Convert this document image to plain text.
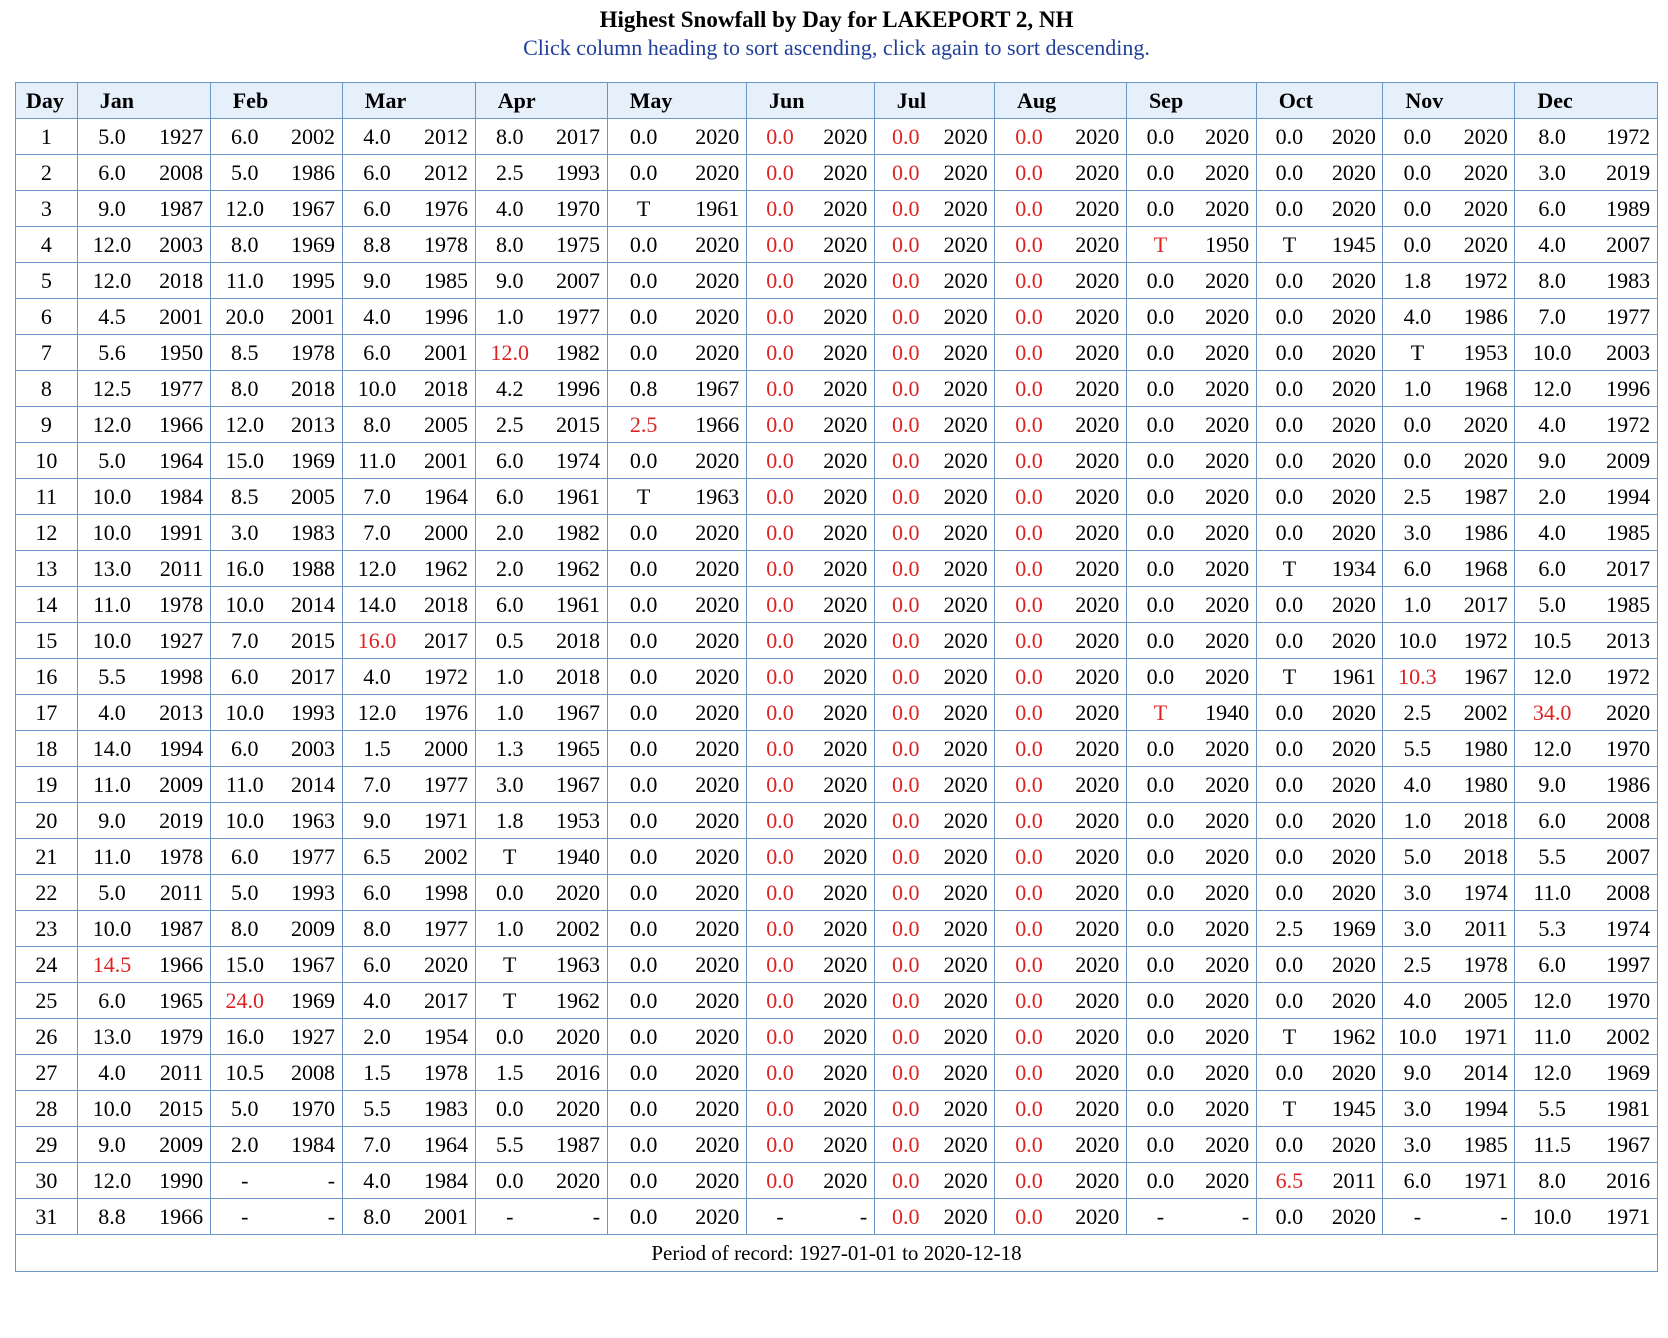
Highest Snowfall by Day for LAKEPORT 2, NH
Click column heading to sort ascending, click again to sort descending.
Day	Jan	Feb	Mar	Apr	May	Jun	Jul	Aug	Sep	Oct	Nov	Dec
1	5.0 1927	6.0 2002	4.0 2012	8.0 2017	0.0 2020	0.0 2020	0.0 2020	0.0 2020	0.0 2020	0.0 2020	0.0 2020	8.0 1972
2	6.0 2008	5.0 1986	6.0 2012	2.5 1993	0.0 2020	0.0 2020	0.0 2020	0.0 2020	0.0 2020	0.0 2020	0.0 2020	3.0 2019
3	9.0 1987	12.0 1967	6.0 1976	4.0 1970	T 1961	0.0 2020	0.0 2020	0.0 2020	0.0 2020	0.0 2020	0.0 2020	6.0 1989
4	12.0 2003	8.0 1969	8.8 1978	8.0 1975	0.0 2020	0.0 2020	0.0 2020	0.0 2020	T 1950	T 1945	0.0 2020	4.0 2007
5	12.0 2018	11.0 1995	9.0 1985	9.0 2007	0.0 2020	0.0 2020	0.0 2020	0.0 2020	0.0 2020	0.0 2020	1.8 1972	8.0 1983
6	4.5 2001	20.0 2001	4.0 1996	1.0 1977	0.0 2020	0.0 2020	0.0 2020	0.0 2020	0.0 2020	0.0 2020	4.0 1986	7.0 1977
7	5.6 1950	8.5 1978	6.0 2001	12.0 1982	0.0 2020	0.0 2020	0.0 2020	0.0 2020	0.0 2020	0.0 2020	T 1953	10.0 2003
8	12.5 1977	8.0 2018	10.0 2018	4.2 1996	0.8 1967	0.0 2020	0.0 2020	0.0 2020	0.0 2020	0.0 2020	1.0 1968	12.0 1996
9	12.0 1966	12.0 2013	8.0 2005	2.5 2015	2.5 1966	0.0 2020	0.0 2020	0.0 2020	0.0 2020	0.0 2020	0.0 2020	4.0 1972
10	5.0 1964	15.0 1969	11.0 2001	6.0 1974	0.0 2020	0.0 2020	0.0 2020	0.0 2020	0.0 2020	0.0 2020	0.0 2020	9.0 2009
11	10.0 1984	8.5 2005	7.0 1964	6.0 1961	T 1963	0.0 2020	0.0 2020	0.0 2020	0.0 2020	0.0 2020	2.5 1987	2.0 1994
12	10.0 1991	3.0 1983	7.0 2000	2.0 1982	0.0 2020	0.0 2020	0.0 2020	0.0 2020	0.0 2020	0.0 2020	3.0 1986	4.0 1985
13	13.0 2011	16.0 1988	12.0 1962	2.0 1962	0.0 2020	0.0 2020	0.0 2020	0.0 2020	0.0 2020	T 1934	6.0 1968	6.0 2017
14	11.0 1978	10.0 2014	14.0 2018	6.0 1961	0.0 2020	0.0 2020	0.0 2020	0.0 2020	0.0 2020	0.0 2020	1.0 2017	5.0 1985
15	10.0 1927	7.0 2015	16.0 2017	0.5 2018	0.0 2020	0.0 2020	0.0 2020	0.0 2020	0.0 2020	0.0 2020	10.0 1972	10.5 2013
16	5.5 1998	6.0 2017	4.0 1972	1.0 2018	0.0 2020	0.0 2020	0.0 2020	0.0 2020	0.0 2020	T 1961	10.3 1967	12.0 1972
17	4.0 2013	10.0 1993	12.0 1976	1.0 1967	0.0 2020	0.0 2020	0.0 2020	0.0 2020	T 1940	0.0 2020	2.5 2002	34.0 2020
18	14.0 1994	6.0 2003	1.5 2000	1.3 1965	0.0 2020	0.0 2020	0.0 2020	0.0 2020	0.0 2020	0.0 2020	5.5 1980	12.0 1970
19	11.0 2009	11.0 2014	7.0 1977	3.0 1967	0.0 2020	0.0 2020	0.0 2020	0.0 2020	0.0 2020	0.0 2020	4.0 1980	9.0 1986
20	9.0 2019	10.0 1963	9.0 1971	1.8 1953	0.0 2020	0.0 2020	0.0 2020	0.0 2020	0.0 2020	0.0 2020	1.0 2018	6.0 2008
21	11.0 1978	6.0 1977	6.5 2002	T 1940	0.0 2020	0.0 2020	0.0 2020	0.0 2020	0.0 2020	0.0 2020	5.0 2018	5.5 2007
22	5.0 2011	5.0 1993	6.0 1998	0.0 2020	0.0 2020	0.0 2020	0.0 2020	0.0 2020	0.0 2020	0.0 2020	3.0 1974	11.0 2008
23	10.0 1987	8.0 2009	8.0 1977	1.0 2002	0.0 2020	0.0 2020	0.0 2020	0.0 2020	0.0 2020	2.5 1969	3.0 2011	5.3 1974
24	14.5 1966	15.0 1967	6.0 2020	T 1963	0.0 2020	0.0 2020	0.0 2020	0.0 2020	0.0 2020	0.0 2020	2.5 1978	6.0 1997
25	6.0 1965	24.0 1969	4.0 2017	T 1962	0.0 2020	0.0 2020	0.0 2020	0.0 2020	0.0 2020	0.0 2020	4.0 2005	12.0 1970
26	13.0 1979	16.0 1927	2.0 1954	0.0 2020	0.0 2020	0.0 2020	0.0 2020	0.0 2020	0.0 2020	T 1962	10.0 1971	11.0 2002
27	4.0 2011	10.5 2008	1.5 1978	1.5 2016	0.0 2020	0.0 2020	0.0 2020	0.0 2020	0.0 2020	0.0 2020	9.0 2014	12.0 1969
28	10.0 2015	5.0 1970	5.5 1983	0.0 2020	0.0 2020	0.0 2020	0.0 2020	0.0 2020	0.0 2020	T 1945	3.0 1994	5.5 1981
29	9.0 2009	2.0 1984	7.0 1964	5.5 1987	0.0 2020	0.0 2020	0.0 2020	0.0 2020	0.0 2020	0.0 2020	3.0 1985	11.5 1967
30	12.0 1990	- -	4.0 1984	0.0 2020	0.0 2020	0.0 2020	0.0 2020	0.0 2020	0.0 2020	6.5 2011	6.0 1971	8.0 2016
31	8.8 1966	- -	8.0 2001	- -	0.0 2020	- -	0.0 2020	0.0 2020	- -	0.0 2020	- -	10.0 1971
Period of record: 1927-01-01 to 2020-12-18												
